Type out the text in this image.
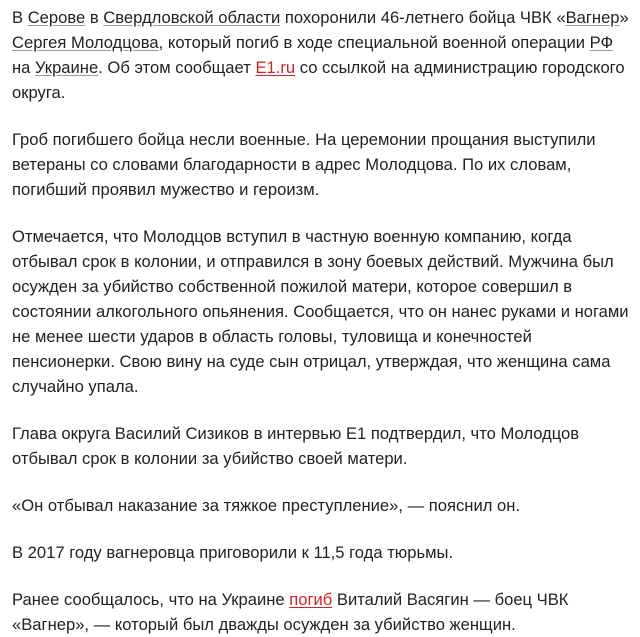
В Серове в Свердловской области похоронили 46-летнего бойца ЧВК «Вагнер» Сергея Молодцова, который погиб в ходе специальной военной операции РФ на Украине. Об этом сообщает E1.ru со ссылкой на администрацию городского округа.

Гроб погибшего бойца несли военные. На церемонии прощания выступили ветераны со словами благодарности в адрес Молодцова. По их словам, погибший проявил мужество и героизм.

Отмечается, что Молодцов вступил в частную военную компанию, когда отбывал срок в колонии, и отправился в зону боевых действий. Мужчина был осужден за убийство собственной пожилой матери, которое совершил в состоянии алкогольного опьянения. Сообщается, что он нанес руками и ногами не менее шести ударов в область головы, туловища и конечностей пенсионерки. Свою вину на суде сын отрицал, утверждая, что женщина сама случайно упала.

Глава округа Василий Сизиков в интервью E1 подтвердил, что Молодцов отбывал срок в колонии за убийство своей матери.

«Он отбывал наказание за тяжкое преступление», — пояснил он.

В 2017 году вагнеровца приговорили к 11,5 года тюрьмы.

Ранее сообщалось, что на Украине погиб Виталий Васягин — боец ЧВК «Вагнер», — который был дважды осужден за убийство женщин.
